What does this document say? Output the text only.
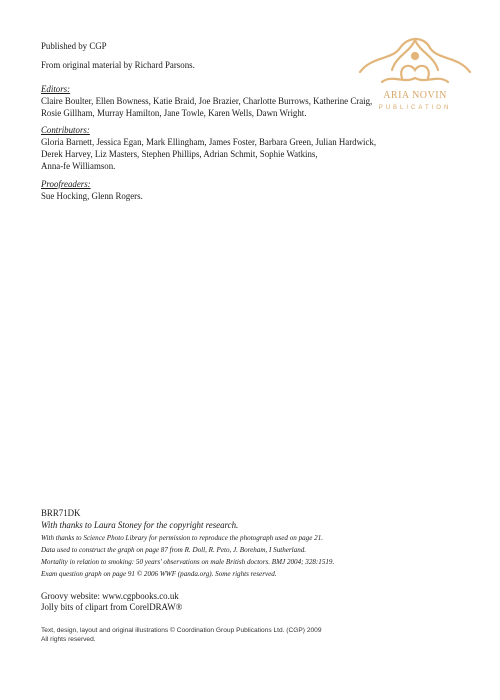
ARIA NOVIN
PUBLICATION
Published by CGP
From original material by Richard Parsons.
Editors:
Claire Boulter, Ellen Bowness, Katie Braid, Joe Brazier, Charlotte Burrows, Katherine Craig,
Rosie Gillham, Murray Hamilton, Jane Towle, Karen Wells, Dawn Wright.
Contributors:
Gloria Barnett, Jessica Egan, Mark Ellingham, James Foster, Barbara Green, Julian Hardwick,
Derek Harvey, Liz Masters, Stephen Phillips, Adrian Schmit, Sophie Watkins,
Anna-fe Williamson.
Proofreaders:
Sue Hocking, Glenn Rogers.
BRR71DK
With thanks to Laura Stoney for the copyright research.
With thanks to Science Photo Library for permission to reproduce the photograph used on page 21.
Data used to construct the graph on page 87 from R. Doll, R. Peto, J. Boreham, I Sutherland.
Mortality in relation to smoking: 50 years' observations on male British doctors. BMJ 2004; 328:1519.
Exam question graph on page 91 © 2006 WWF (panda.org). Some rights reserved.
Groovy website: www.cgpbooks.co.uk
Jolly bits of clipart from CorelDRAW®
Text, design, layout and original illustrations © Coordination Group Publications Ltd. (CGP) 2009
All rights reserved.
